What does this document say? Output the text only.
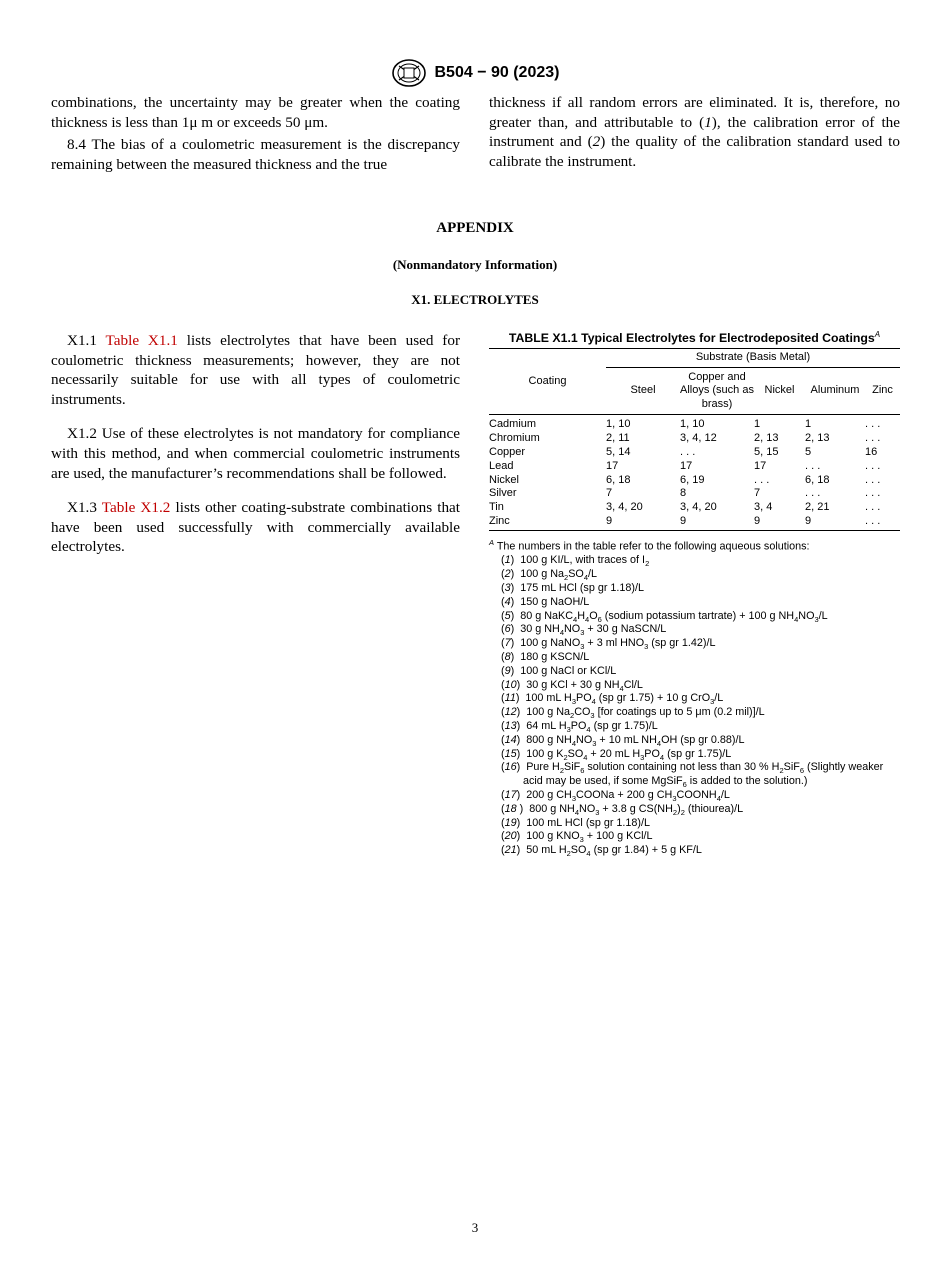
B504 − 90 (2023)

combinations, the uncertainty may be greater when the coating thickness is less than 1μ m or exceeds 50 μm.

8.4 The bias of a coulometric measurement is the discrepancy remaining between the measured thickness and the true

thickness if all random errors are eliminated. It is, therefore, no greater than, and attributable to (1), the calibration error of the instrument and (2) the quality of the calibration standard used to calibrate the instrument.

APPENDIX
(Nonmandatory Information)
X1. ELECTROLYTES

X1.1 Table X1.1 lists electrolytes that have been used for coulometric thickness measurements; however, they are not necessarily suitable for use with all types of coulometric instruments.

X1.2 Use of these electrolytes is not mandatory for compliance with this method, and when commercial coulometric instruments are used, the manufacturer’s recommendations shall be followed.

X1.3 Table X1.2 lists other coating-substrate combinations that have been used successfully with commercially available electrolytes.

TABLE X1.1 Typical Electrolytes for Electrodeposited Coatings$^A$
Coating	Substrate (Basis Metal)				
	Steel	Copper and Alloys (such as brass)	Nickel	Aluminum	Zinc
Cadmium	1, 10	1, 10	1	1	. . .
Chromium	2, 11	3, 4, 12	2, 13	2, 13	. . .
Copper	5, 14	. . .	5, 15	5	16
Lead	17	17	17	. . .	. . .
Nickel	6, 18	6, 19	. . .	6, 18	. . .
Silver	7	8	7	. . .	. . .
Tin	3, 4, 20	3, 4, 20	3, 4	2, 21	. . .
Zinc	9	9	9	9	. . .
$^A$ The numbers in the table refer to the following aqueous solutions:
(1)  100 g KI/L, with traces of $I_2$
(2)  100 g $Na_2SO_4/L$
(3)  175 mL HCl (sp gr 1.18)/L
(4)  150 g NaOH/L
(5)  80 g $NaKC_4H_4O_6$ (sodium potassium tartrate) + 100 g $NH_4NO_3/L$
(6)  30 g $NH_4NO_3 + 30$ g NaSCN/L
(7)  100 g NaNO$_3$ + 3 ml $HNO_3$ (sp gr 1.42)/L
(8)  180 g KSCN/L
(9)  100 g NaCl or KCl/L
(10)  30 g KCl + 30 g $NH_4Cl/L$
(11)  100 mL $H_3PO_4$ (sp gr 1.75) + 10 g CrO$_3$/L
(12)  100 g $Na_2CO_3$ [for coatings up to 5 μm (0.2 mil)]/L
(13)  64 mL $H_3PO_4$ (sp gr 1.75)/L
(14)  800 g $NH_4NO_3 + 10$ mL $NH_4OH$ (sp gr 0.88)/L
(15)  100 g $K_2SO_4 + 20$ mL $H_3PO_4$ (sp gr 1.75)/L
(16)  Pure $H_2SiF_6$ solution containing not less than 30 % $H_2SiF_6$ (Slightly weaker acid may be used, if some MgSiF$_6$ is added to the solution.)
(17)  200 g $CH_3COONa + 200$ g $CH_3COONH_4/L$
(18 )  800 g $NH_4NO_3 + 3.8$ g $CS(NH_2)_2$ (thiourea)/L
(19)  100 mL HCl (sp gr 1.18)/L
(20)  100 g $KNO_3 + 100$ g KCl/L
(21)  50 mL $H_2SO_4$ (sp gr 1.84) + 5 g KF/L
3
